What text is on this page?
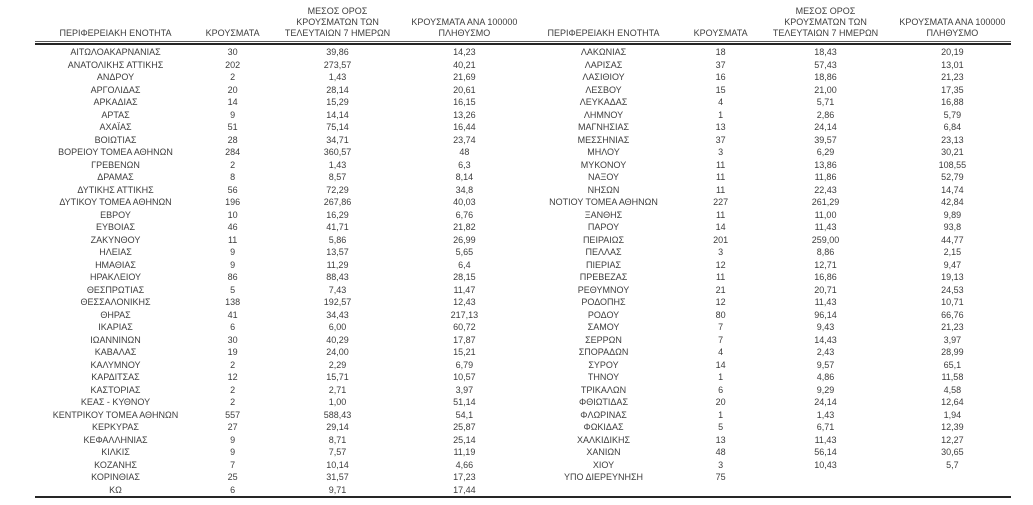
ΠΕΡΙΦΕΡΕΙΑΚΗ ΕΝΟΤΗΤΑ	ΚΡΟΥΣΜΑΤΑ
ΜΕΣΟΣ ΟΡΟΣ
ΚΡΟΥΣΜΑΤΩΝ ΤΩΝ
ΤΕΛΕΥΤΑΙΩΝ 7 ΗΜΕΡΩΝ
ΚΡΟΥΣΜΑΤΑ ΑΝΑ 100000
ΠΛΗΘΥΣΜΟ	ΠΕΡΙΦΕΡΕΙΑΚΗ ΕΝΟΤΗΤΑ	ΚΡΟΥΣΜΑΤΑ
ΜΕΣΟΣ ΟΡΟΣ
ΚΡΟΥΣΜΑΤΩΝ ΤΩΝ
ΤΕΛΕΥΤΑΙΩΝ 7 ΗΜΕΡΩΝ
ΚΡΟΥΣΜΑΤΑ ΑΝΑ 100000
ΠΛΗΘΥΣΜΟ
ΑΙΤΩΛΟΑΚΑΡΝΑΝΙΑΣ	30	39,86	14,23
ΑΝΑΤΟΛΙΚΗΣ ΑΤΤΙΚΗΣ	202	273,57	40,21
ΑΝΔΡΟΥ	2	1,43	21,69
ΑΡΓΟΛΙΔΑΣ	20	28,14	20,61
ΑΡΚΑΔΙΑΣ	14	15,29	16,15
ΑΡΤΑΣ	9	14,14	13,26
ΑΧΑΪΑΣ	51	75,14	16,44
ΒΟΙΩΤΙΑΣ	28	34,71	23,74
ΒΟΡΕΙΟΥ ΤΟΜΕΑ ΑΘΗΝΩΝ	284	360,57	48
ΓΡΕΒΕΝΩΝ	2	1,43	6,3
ΔΡΑΜΑΣ	8	8,57	8,14
ΔΥΤΙΚΗΣ ΑΤΤΙΚΗΣ	56	72,29	34,8
ΔΥΤΙΚΟΥ ΤΟΜΕΑ ΑΘΗΝΩΝ	196	267,86	40,03
ΕΒΡΟΥ	10	16,29	6,76
ΕΥΒΟΙΑΣ	46	41,71	21,82
ΖΑΚΥΝΘΟΥ	11	5,86	26,99
ΗΛΕΙΑΣ	9	13,57	5,65
ΗΜΑΘΙΑΣ	9	11,29	6,4
ΗΡΑΚΛΕΙΟΥ	86	88,43	28,15
ΘΕΣΠΡΩΤΙΑΣ	5	7,43	11,47
ΘΕΣΣΑΛΟΝΙΚΗΣ	138	192,57	12,43
ΘΗΡΑΣ	41	34,43	217,13
ΙΚΑΡΙΑΣ	6	6,00	60,72
ΙΩΑΝΝΙΝΩΝ	30	40,29	17,87
ΚΑΒΑΛΑΣ	19	24,00	15,21
ΚΑΛΥΜΝΟΥ	2	2,29	6,79
ΚΑΡΔΙΤΣΑΣ	12	15,71	10,57
ΚΑΣΤΟΡΙΑΣ	2	2,71	3,97
ΚΕΑΣ - ΚΥΘΝΟΥ	2	1,00	51,14
ΚΕΝΤΡΙΚΟΥ ΤΟΜΕΑ ΑΘΗΝΩΝ	557	588,43	54,1
ΚΕΡΚΥΡΑΣ	27	29,14	25,87
ΚΕΦΑΛΛΗΝΙΑΣ	9	8,71	25,14
ΚΙΛΚΙΣ	9	7,57	11,19
ΚΟΖΑΝΗΣ	7	10,14	4,66
ΚΟΡΙΝΘΙΑΣ	25	31,57	17,23
ΚΩ	6	9,71	17,44
ΛΑΚΩΝΙΑΣ	18	18,43	20,19
ΛΑΡΙΣΑΣ	37	57,43	13,01
ΛΑΣΙΘΙΟΥ	16	18,86	21,23
ΛΕΣΒΟΥ	15	21,00	17,35
ΛΕΥΚΑΔΑΣ	4	5,71	16,88
ΛΗΜΝΟΥ	1	2,86	5,79
ΜΑΓΝΗΣΙΑΣ	13	24,14	6,84
ΜΕΣΣΗΝΙΑΣ	37	39,57	23,13
ΜΗΛΟΥ	3	6,29	30,21
ΜΥΚΟΝΟΥ	11	13,86	108,55
ΝΑΞΟΥ	11	11,86	52,79
ΝΗΣΩΝ	11	22,43	14,74
ΝΟΤΙΟΥ ΤΟΜΕΑ ΑΘΗΝΩΝ	227	261,29	42,84
ΞΑΝΘΗΣ	11	11,00	9,89
ΠΑΡΟΥ	14	11,43	93,8
ΠΕΙΡΑΙΩΣ	201	259,00	44,77
ΠΕΛΛΑΣ	3	8,86	2,15
ΠΙΕΡΙΑΣ	12	12,71	9,47
ΠΡΕΒΕΖΑΣ	11	16,86	19,13
ΡΕΘΥΜΝΟΥ	21	20,71	24,53
ΡΟΔΟΠΗΣ	12	11,43	10,71
ΡΟΔΟΥ	80	96,14	66,76
ΣΑΜΟΥ	7	9,43	21,23
ΣΕΡΡΩΝ	7	14,43	3,97
ΣΠΟΡΑΔΩΝ	4	2,43	28,99
ΣΥΡΟΥ	14	9,57	65,1
ΤΗΝΟΥ	1	4,86	11,58
ΤΡΙΚΑΛΩΝ	6	9,29	4,58
ΦΘΙΩΤΙΔΑΣ	20	24,14	12,64
ΦΛΩΡΙΝΑΣ	1	1,43	1,94
ΦΩΚΙΔΑΣ	5	6,71	12,39
ΧΑΛΚΙΔΙΚΗΣ	13	11,43	12,27
ΧΑΝΙΩΝ	48	56,14	30,65
ΧΙΟΥ	3	10,43	5,7
ΥΠΟ ΔΙΕΡΕΥΝΗΣΗ	75
